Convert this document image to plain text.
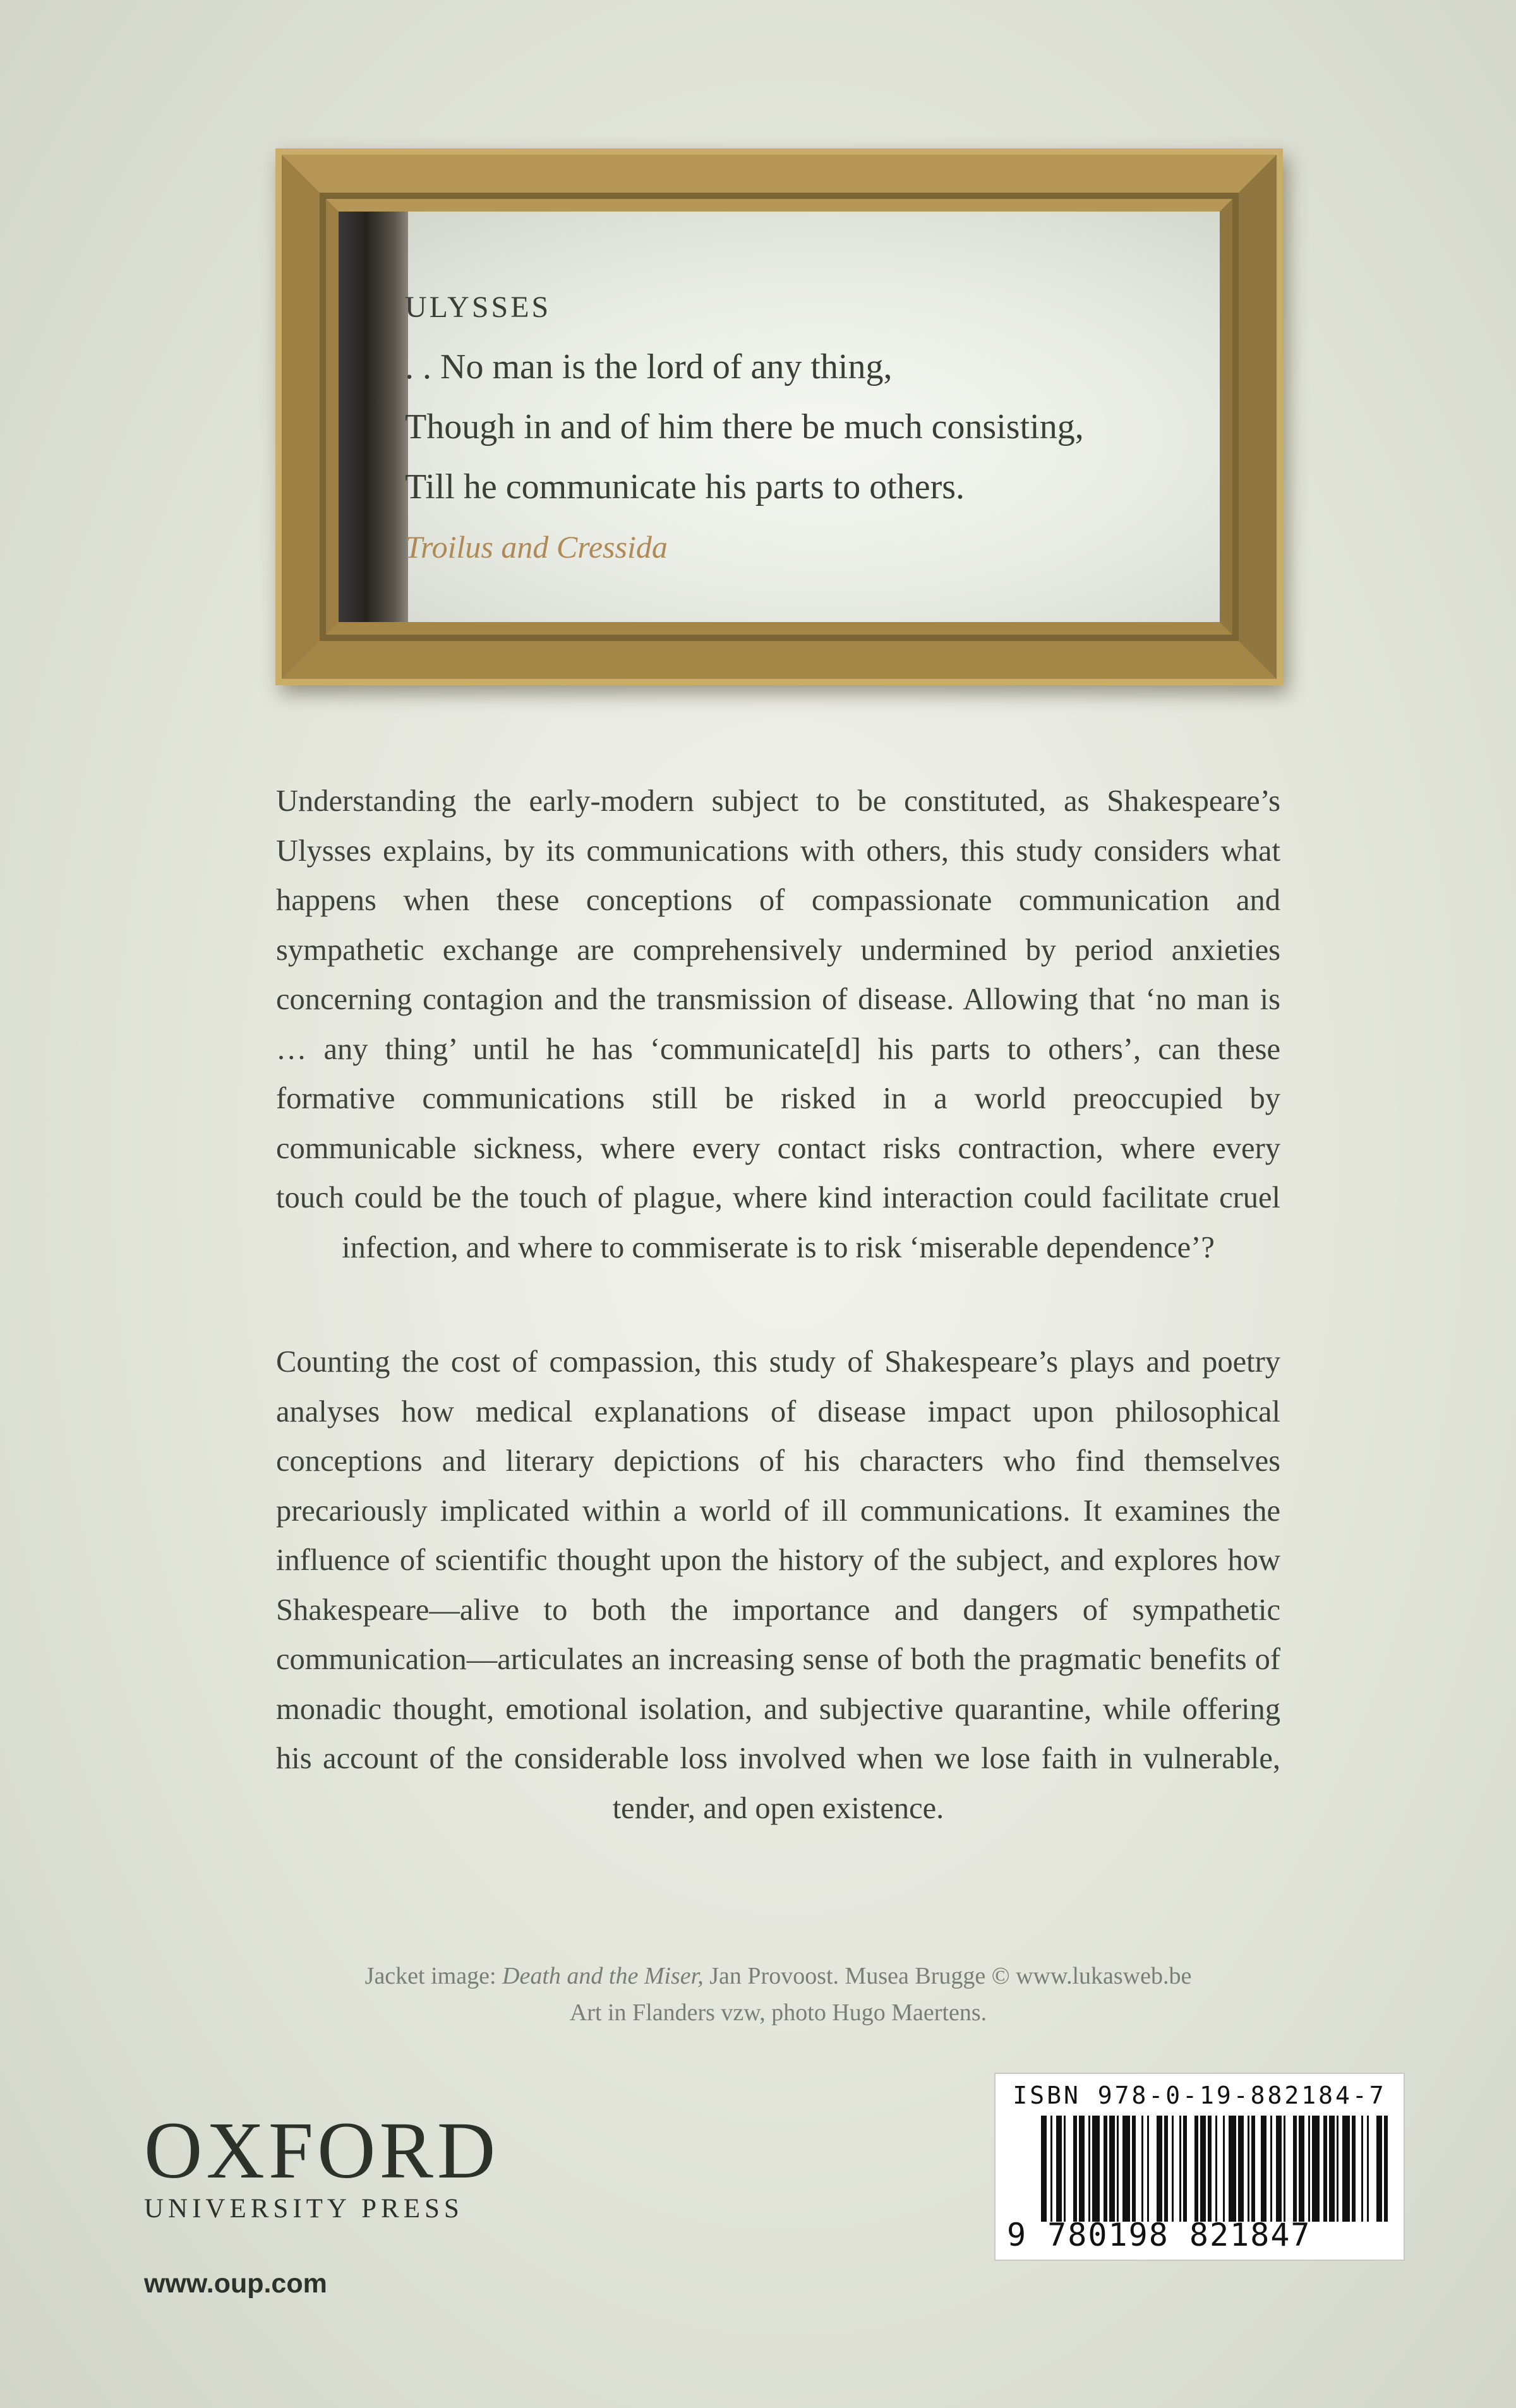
ULYSSES
. . No man is the lord of any thing,
Though in and of him there be much consisting,
Till he communicate his parts to others.
Troilus and Cressida

Understanding the early-modern subject to be constituted, as Shakespeare’s Ulysses explains, by its communications with others, this study considers what happens when these conceptions of compassionate communication and sympathetic exchange are comprehensively undermined by period anxieties concerning contagion and the transmission of disease. Allowing that ‘no man is … any thing’ until he has ‘communicate[d] his parts to others’, can these formative communications still be risked in a world preoccupied by communicable sickness, where every contact risks contraction, where every touch could be the touch of plague, where kind interaction could facilitate cruel infection, and where to commiserate is to risk ‘miserable dependence’?

Counting the cost of compassion, this study of Shakespeare’s plays and poetry analyses how medical explanations of disease impact upon philosophical conceptions and literary depictions of his characters who find themselves precariously implicated within a world of ill communications. It examines the influence of scientific thought upon the history of the subject, and explores how Shakespeare—alive to both the importance and dangers of sympathetic communication—articulates an increasing sense of both the pragmatic benefits of monadic thought, emotional isolation, and subjective quarantine, while offering his account of the considerable loss involved when we lose faith in vulnerable, tender, and open existence.

Jacket image: Death and the Miser, Jan Provoost. Musea Brugge © www.lukasweb.be
Art in Flanders vzw, photo Hugo Maertens.
OXFORD
UNIVERSITY PRESS
www.oup.com
ISBN 978-0-19-882184-7
9 780198 821847
